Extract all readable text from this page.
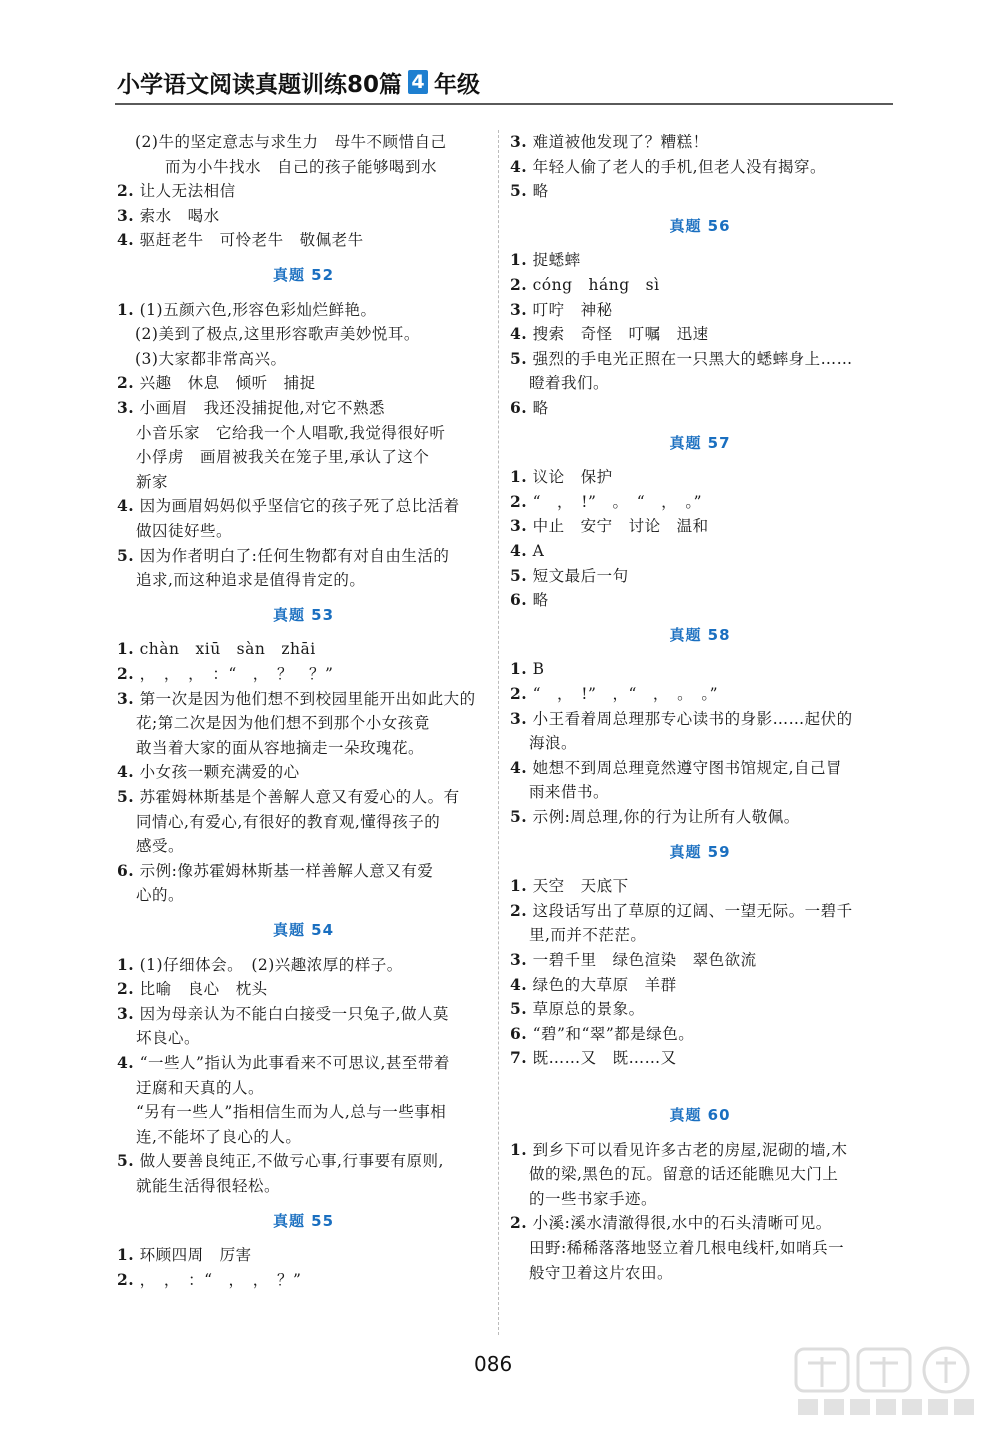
小学语文阅读真题训练80篇 4 年级
(2)牛的坚定意志与求生力　母牛不顾惜自己
而为小牛找水　自己的孩子能够喝到水
2. 让人无法相信
3. 索水　喝水
4. 驱赶老牛　可怜老牛　敬佩老牛
真题 52
1. (1)五颜六色,形容色彩灿烂鲜艳。
(2)美到了极点,这里形容歌声美妙悦耳。
(3)大家都非常高兴。
2. 兴趣　休息　倾听　捕捉
3. 小画眉　我还没捕捉他,对它不熟悉
小音乐家　它给我一个人唱歌,我觉得很好听
小俘虏　画眉被我关在笼子里,承认了这个
新家
4. 因为画眉妈妈似乎坚信它的孩子死了总比活着
做囚徒好些。
5. 因为作者明白了:任何生物都有对自由生活的
追求,而这种追求是值得肯定的。
真题 53
1. chàn　xiū　sàn　zhāi
2. ，　，　，　：“　，　？　？”
3. 第一次是因为他们想不到校园里能开出如此大的
花;第二次是因为他们想不到那个小女孩竟
敢当着大家的面从容地摘走一朵玫瑰花。
4. 小女孩一颗充满爱的心
5. 苏霍姆林斯基是个善解人意又有爱心的人。有
同情心,有爱心,有很好的教育观,懂得孩子的
感受。
6. 示例:像苏霍姆林斯基一样善解人意又有爱
心的。
真题 54
1. (1)仔细体会。　(2)兴趣浓厚的样子。
2. 比喻　良心　枕头
3. 因为母亲认为不能白白接受一只兔子,做人莫
坏良心。
4. “一些人”指认为此事看来不可思议,甚至带着
迂腐和天真的人。
“另有一些人”指相信生而为人,总与一些事相
连,不能坏了良心的人。
5. 做人要善良纯正,不做亏心事,行事要有原则,
就能生活得很轻松。
真题 55
1. 环顾四周　厉害
2. ，　，　：“　，　，　？”
3. 难道被他发现了？糟糕！
4. 年轻人偷了老人的手机,但老人没有揭穿。
5. 略
真题 56
1. 捉蟋蟀
2. cóng　háng　sì
3. 叮咛　神秘
4. 搜索　奇怪　叮嘱　迅速
5. 强烈的手电光正照在一只黑大的蟋蟀身上……
瞪着我们。
6. 略
真题 57
1. 议论　保护
2. “　，　!”　。　“　，　。”
3. 中止　安宁　讨论　温和
4. A
5. 短文最后一句
6. 略
真题 58
1. B
2. “　，　!”　，“　，　。　。”
3. 小王看着周总理那专心读书的身影……起伏的
海浪。
4. 她想不到周总理竟然遵守图书馆规定,自己冒
雨来借书。
5. 示例:周总理,你的行为让所有人敬佩。
真题 59
1. 天空　天底下
2. 这段话写出了草原的辽阔、一望无际。一碧千
里,而并不茫茫。
3. 一碧千里　绿色渲染　翠色欲流
4. 绿色的大草原　羊群
5. 草原总的景象。
6. “碧”和“翠”都是绿色。
7. 既……又　既……又
真题 60
1. 到乡下可以看见许多古老的房屋,泥砌的墙,木
做的梁,黑色的瓦。留意的话还能瞧见大门上
的一些书家手迹。
2. 小溪:溪水清澈得很,水中的石头清晰可见。
田野:稀稀落落地竖立着几根电线杆,如哨兵一
般守卫着这片农田。
086
